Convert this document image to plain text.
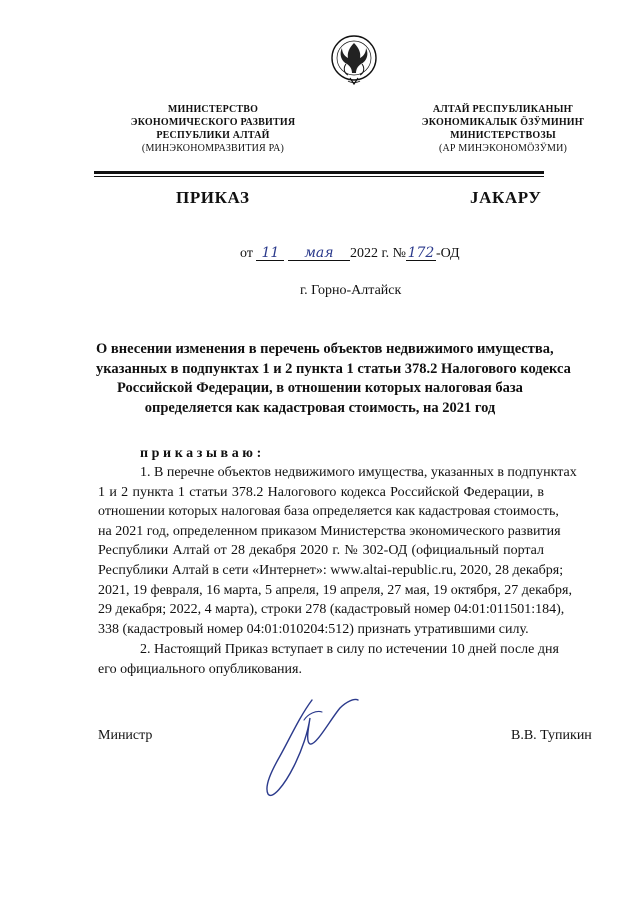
МИНИСТЕРСТВО
ЭКОНОМИЧЕСКОГО РАЗВИТИЯ
РЕСПУБЛИКИ АЛТАЙ
(МИНЭКОНОМРАЗВИТИЯ РА)
АЛТАЙ РЕСПУБЛИКАНЫҤ
ЭКОНОМИКАЛЫК ÖЗӰМИНИҤ
МИНИСТЕРСТВОЗЫ
(АР МИНЭКОНОМÖЗӰМИ)
ПРИКАЗ	JАКАРУ
от 11 мая 2022 г. № 172 -ОД
г. Горно-Алтайск
О внесении изменения в перечень объектов недвижимого имущества,
указанных в подпунктах 1 и 2 пункта 1 статьи 378.2 Налогового кодекса
Российской Федерации, в отношении которых налоговая база
определяется как кадастровая стоимость, на 2021 год
приказываю:
1. В перечне объектов недвижимого имущества, указанных в подпунктах
1 и 2 пункта 1 статьи 378.2 Налогового кодекса Российской Федерации, в
отношении которых налоговая база определяется как кадастровая стоимость,
на 2021 год, определенном приказом Министерства экономического развития
Республики Алтай от 28 декабря 2020 г. № 302-ОД (официальный портал
Республики Алтай в сети «Интернет»: www.altai-republic.ru, 2020, 28 декабря;
2021, 19 февраля, 16 марта, 5 апреля, 19 апреля, 27 мая, 19 октября, 27 декабря,
29 декабря; 2022, 4 марта), строки 278 (кадастровый номер 04:01:011501:184),
338 (кадастровый номер 04:01:010204:512) признать утратившими силу.
2. Настоящий Приказ вступает в силу по истечении 10 дней после дня
его официального опубликования.
Министр	В.В. Тупикин
